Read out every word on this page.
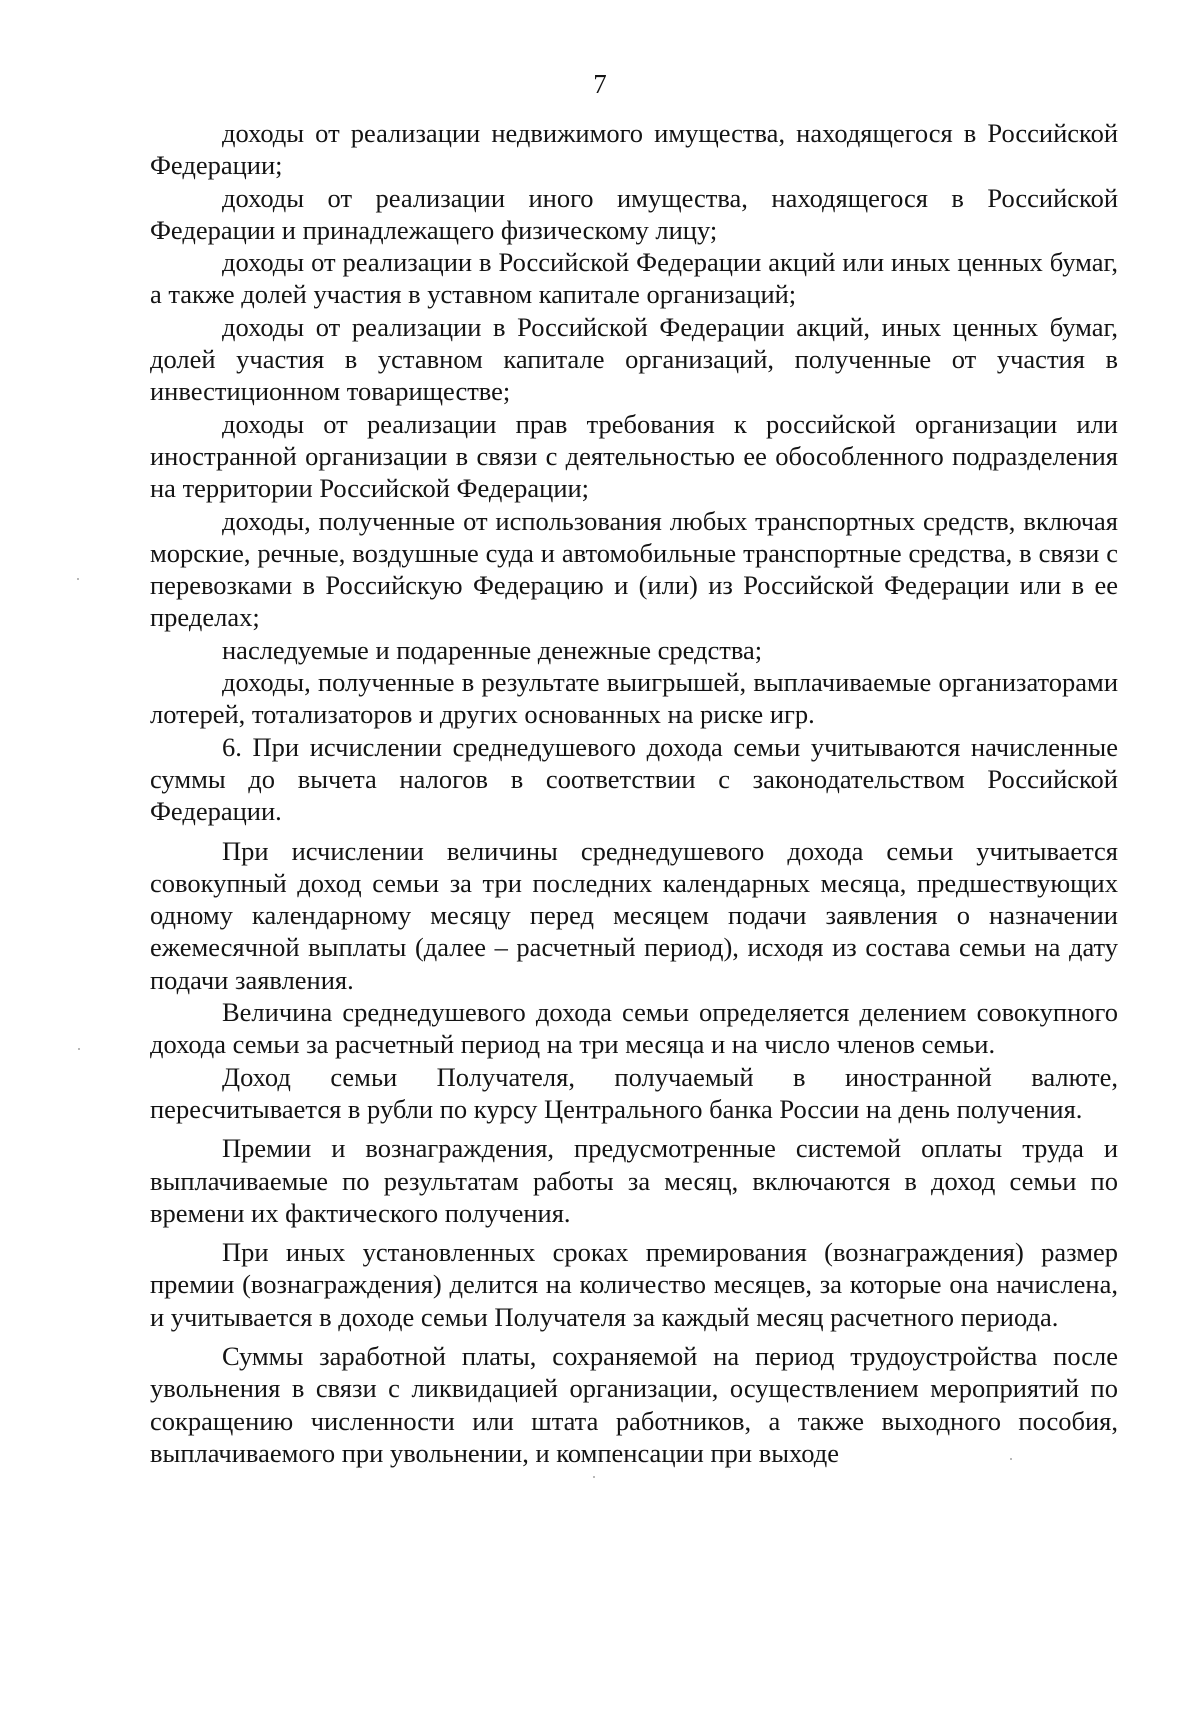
7

доходы от реализации недвижимого имущества, находящегося в Российской Федерации;

доходы от реализации иного имущества, находящегося в Российской Федерации и принадлежащего физическому лицу;

доходы от реализации в Российской Федерации акций или иных ценных бумаг, а также долей участия в уставном капитале организаций;

доходы от реализации в Российской Федерации акций, иных ценных бумаг, долей участия в уставном капитале организаций, полученные от участия в инвестиционном товариществе;

доходы от реализации прав требования к российской организации или иностранной организации в связи с деятельностью ее обособленного подразделения на территории Российской Федерации;

доходы, полученные от использования любых транспортных средств, включая морские, речные, воздушные суда и автомобильные транспортные средства, в связи с перевозками в Российскую Федерацию и (или) из Российской Федерации или в ее пределах;

наследуемые и подаренные денежные средства;

доходы, полученные в результате выигрышей, выплачиваемые организаторами лотерей, тотализаторов и других основанных на риске игр.

6. При исчислении среднедушевого дохода семьи учитываются начисленные суммы до вычета налогов в соответствии с законодательством Российской Федерации.

При исчислении величины среднедушевого дохода семьи учитывается совокупный доход семьи за три последних календарных месяца, предшествующих одному календарному месяцу перед месяцем подачи заявления о назначении ежемесячной выплаты (далее – расчетный период), исходя из состава семьи на дату подачи заявления.

Величина среднедушевого дохода семьи определяется делением совокупного дохода семьи за расчетный период на три месяца и на число членов семьи.

Доход семьи Получателя, получаемый в иностранной валюте, пересчитывается в рубли по курсу Центрального банка России на день получения.

Премии и вознаграждения, предусмотренные системой оплаты труда и выплачиваемые по результатам работы за месяц, включаются в доход семьи по времени их фактического получения.

При иных установленных сроках премирования (вознаграждения) размер премии (вознаграждения) делится на количество месяцев, за которые она начислена, и учитывается в доходе семьи Получателя за каждый месяц расчетного периода.

Суммы заработной платы, сохраняемой на период трудоустройства после увольнения в связи с ликвидацией организации, осуществлением мероприятий по сокращению численности или штата работников, а также выходного пособия, выплачиваемого при увольнении, и компенсации при выходе
